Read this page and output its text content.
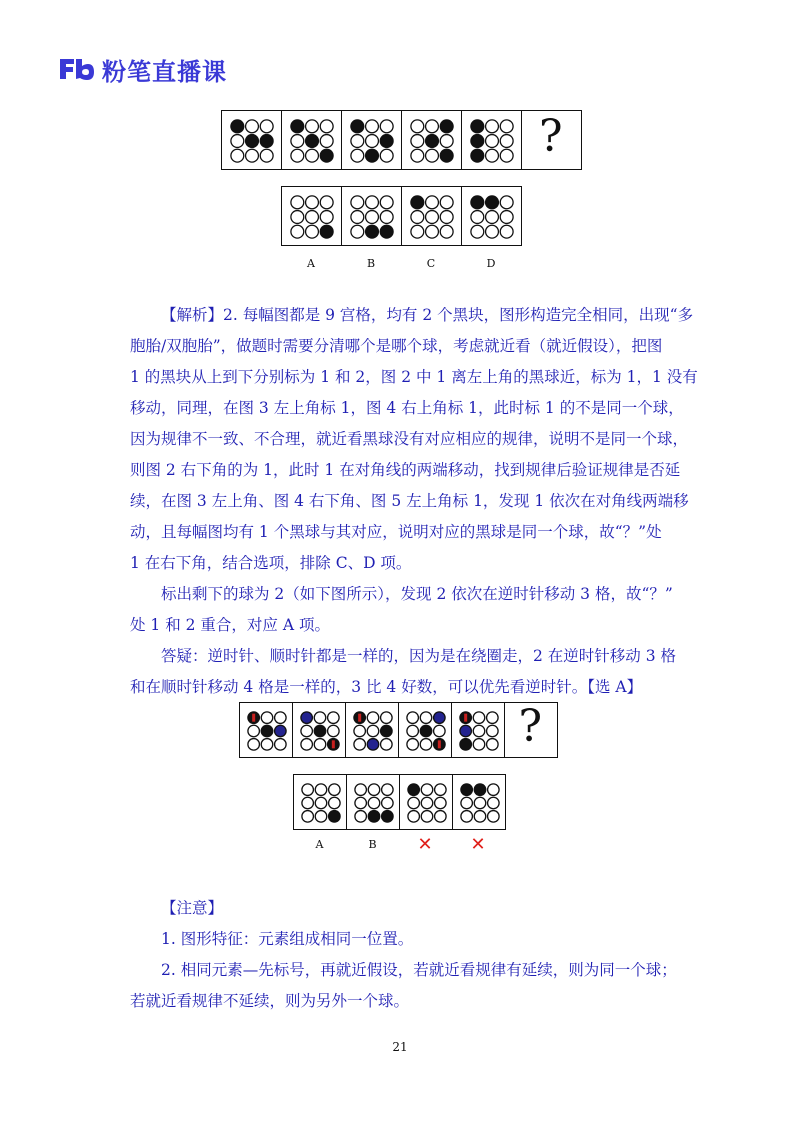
粉笔直播课
?
A	B	C	D

【解析】2. 每幅图都是 9 宫格，均有 2 个黑块，图形构造完全相同，出现“多

胞胎/双胞胎”，做题时需要分清哪个是哪个球，考虑就近看（就近假设），把图

1 的黑块从上到下分别标为 1 和 2，图 2 中 1 离左上角的黑球近，标为 1，1 没有

移动，同理，在图 3 左上角标 1，图 4 右上角标 1，此时标 1 的不是同一个球，

因为规律不一致、不合理，就近看黑球没有对应相应的规律，说明不是同一个球，

则图 2 右下角的为 1，此时 1 在对角线的两端移动，找到规律后验证规律是否延

续，在图 3 左上角、图 4 右下角、图 5 左上角标 1，发现 1 依次在对角线两端移

动，且每幅图均有 1 个黑球与其对应，说明对应的黑球是同一个球，故“？”处

1 在右下角，结合选项，排除 C、D 项。

　　标出剩下的球为 2（如下图所示），发现 2 依次在逆时针移动 3 格，故“？”

处 1 和 2 重合，对应 A 项。

　　答疑：逆时针、顺时针都是一样的，因为是在绕圈走，2 在逆时针移动 3 格

和在顺时针移动 4 格是一样的，3 比 4 好数，可以优先看逆时针。【选 A】

?
A	B	✕ ✕

【注意】

　　1. 图形特征：元素组成相同一位置。

　　2. 相同元素—先标号，再就近假设，若就近看规律有延续，则为同一个球；

若就近看规律不延续，则为另外一个球。

21
